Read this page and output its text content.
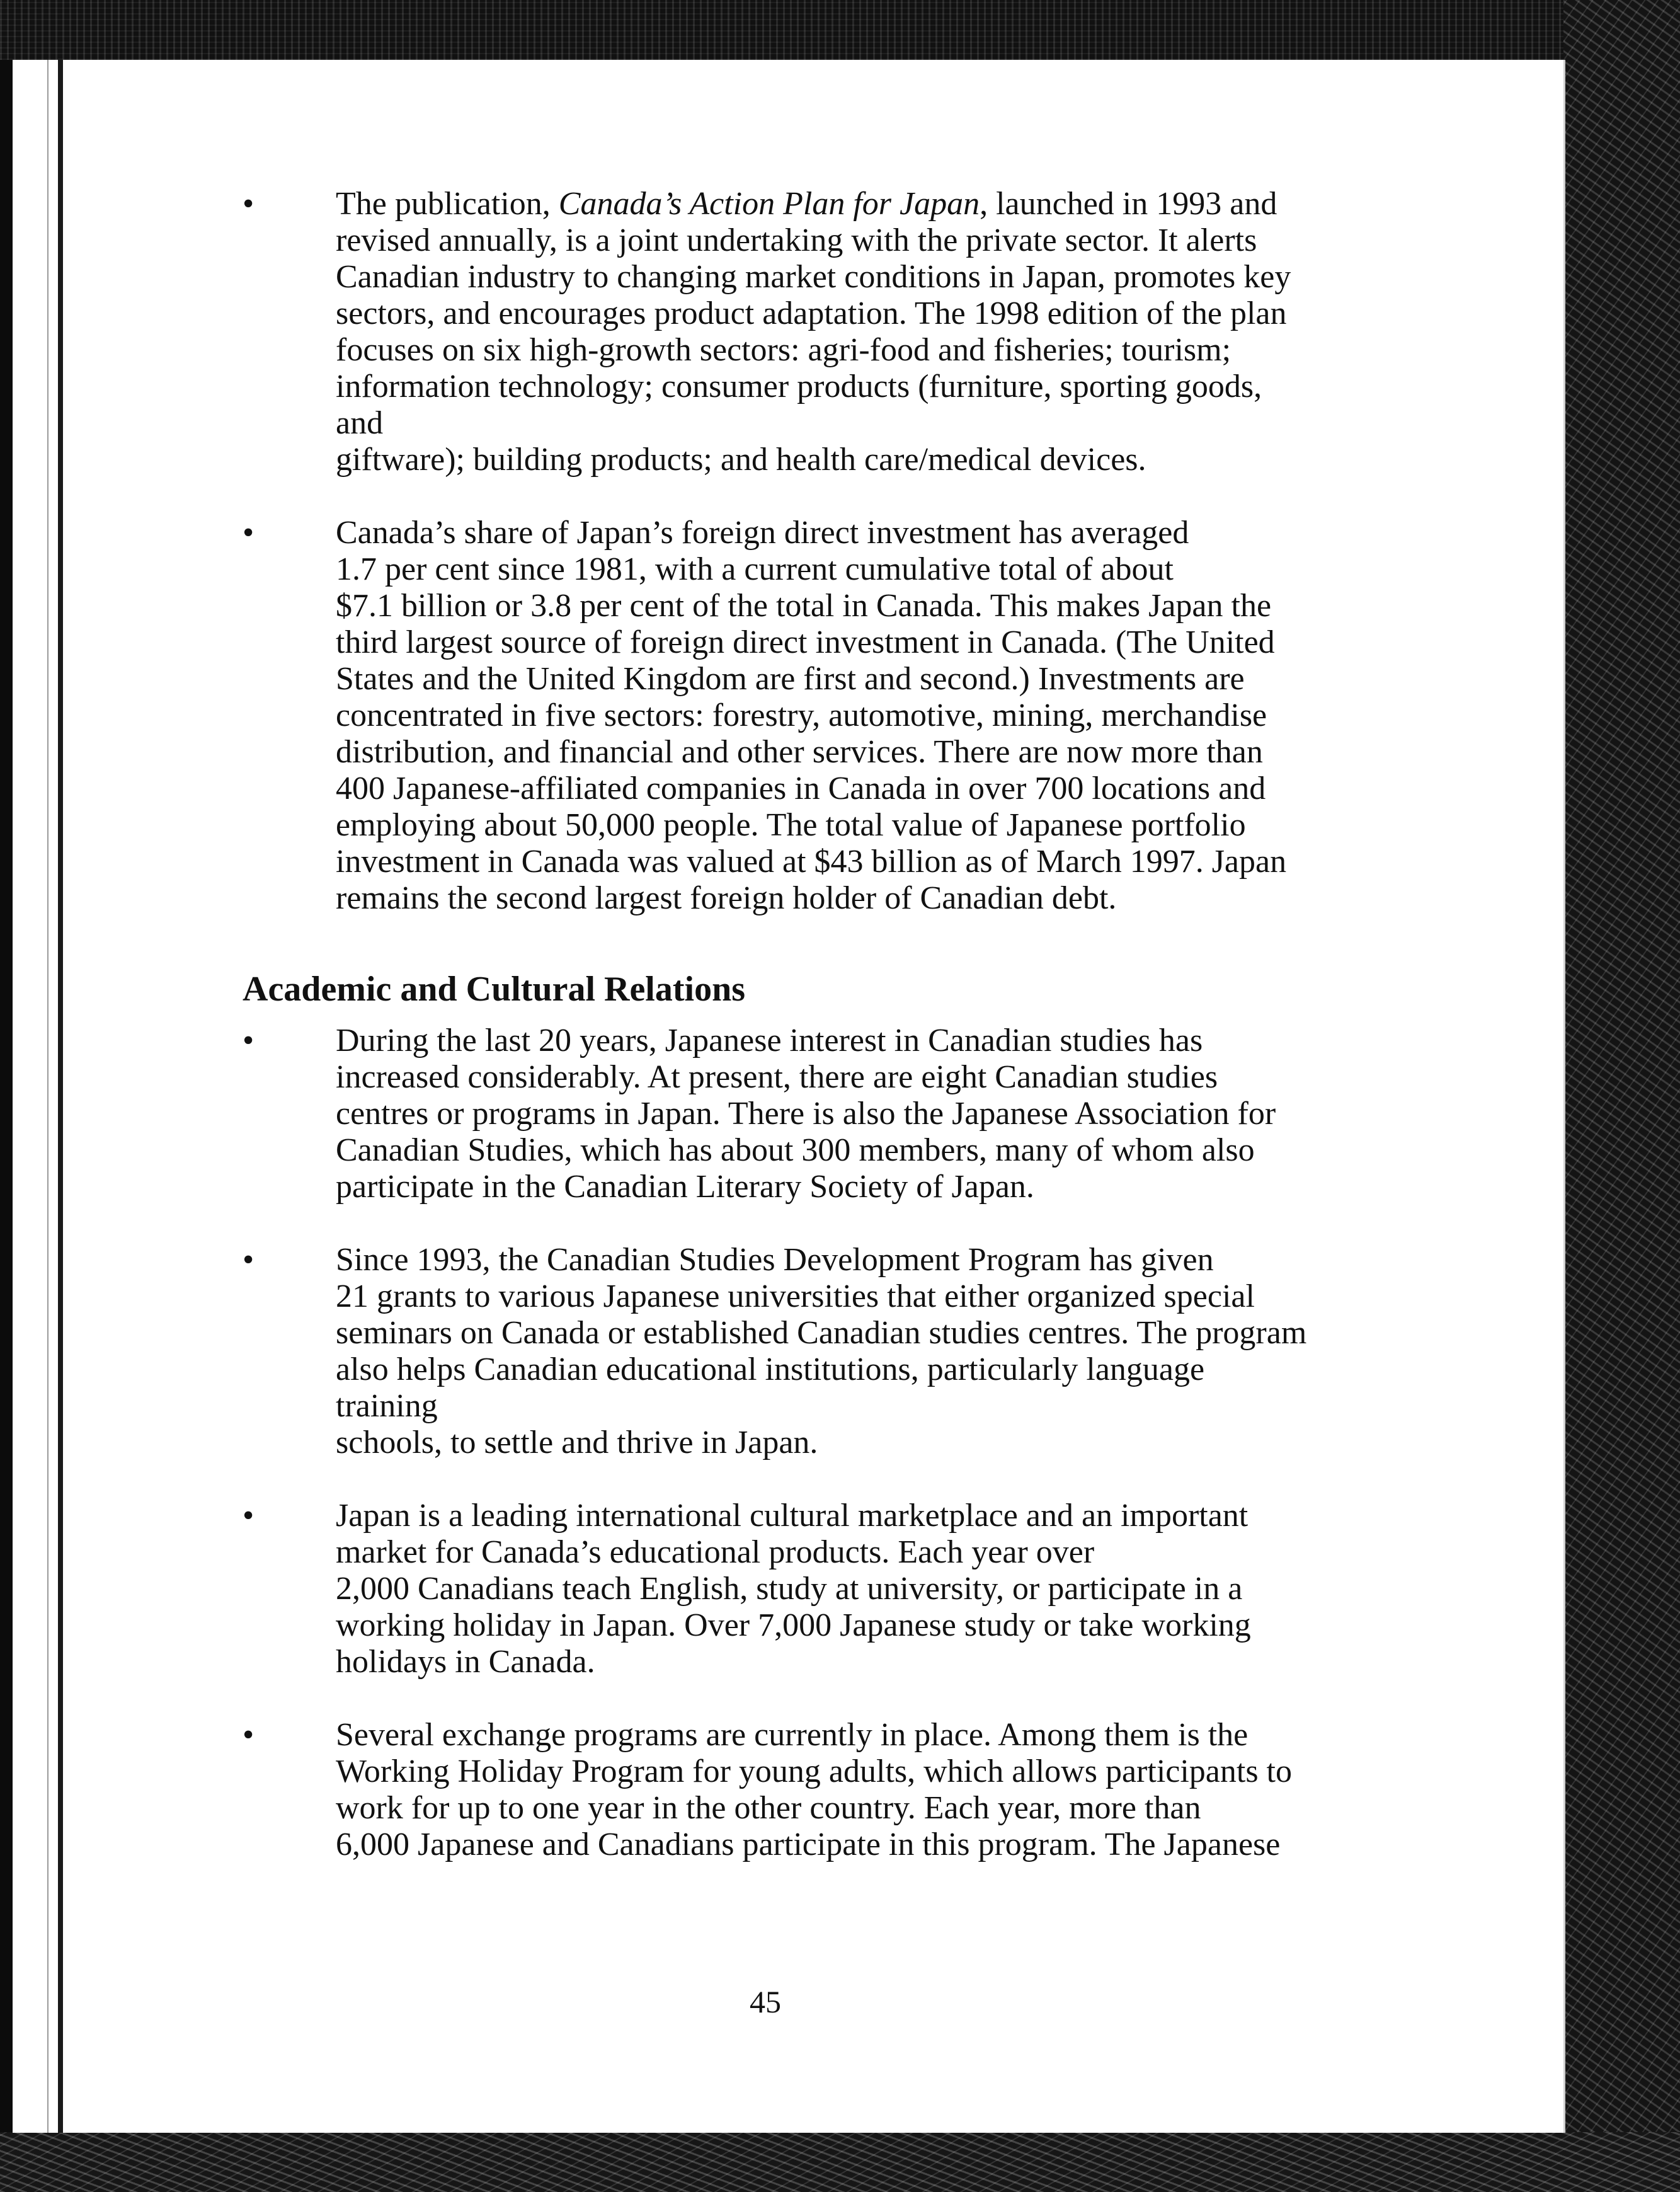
•	The publication, Canada’s Action Plan for Japan, launched in 1993 and
revised annually, is a joint undertaking with the private sector. It alerts
Canadian industry to changing market conditions in Japan, promotes key
sectors, and encourages product adaptation. The 1998 edition of the plan
focuses on six high-growth sectors: agri-food and fisheries; tourism;
information technology; consumer products (furniture, sporting goods, and
giftware); building products; and health care/medical devices.

•	Canada’s share of Japan’s foreign direct investment has averaged
1.7 per cent since 1981, with a current cumulative total of about
$7.1 billion or 3.8 per cent of the total in Canada. This makes Japan the
third largest source of foreign direct investment in Canada. (The United
States and the United Kingdom are first and second.) Investments are
concentrated in five sectors: forestry, automotive, mining, merchandise
distribution, and financial and other services. There are now more than
400 Japanese-affiliated companies in Canada in over 700 locations and
employing about 50,000 people. The total value of Japanese portfolio
investment in Canada was valued at $43 billion as of March 1997. Japan
remains the second largest foreign holder of Canadian debt.

Academic and Cultural Relations
•	During the last 20 years, Japanese interest in Canadian studies has
increased considerably. At present, there are eight Canadian studies
centres or programs in Japan. There is also the Japanese Association for
Canadian Studies, which has about 300 members, many of whom also
participate in the Canadian Literary Society of Japan.

•	Since 1993, the Canadian Studies Development Program has given
21 grants to various Japanese universities that either organized special
seminars on Canada or established Canadian studies centres. The program
also helps Canadian educational institutions, particularly language training
schools, to settle and thrive in Japan.

•	Japan is a leading international cultural marketplace and an important
market for Canada’s educational products. Each year over
2,000 Canadians teach English, study at university, or participate in a
working holiday in Japan. Over 7,000 Japanese study or take working
holidays in Canada.

•	Several exchange programs are currently in place. Among them is the
Working Holiday Program for young adults, which allows participants to
work for up to one year in the other country. Each year, more than
6,000 Japanese and Canadians participate in this program. The Japanese

45
